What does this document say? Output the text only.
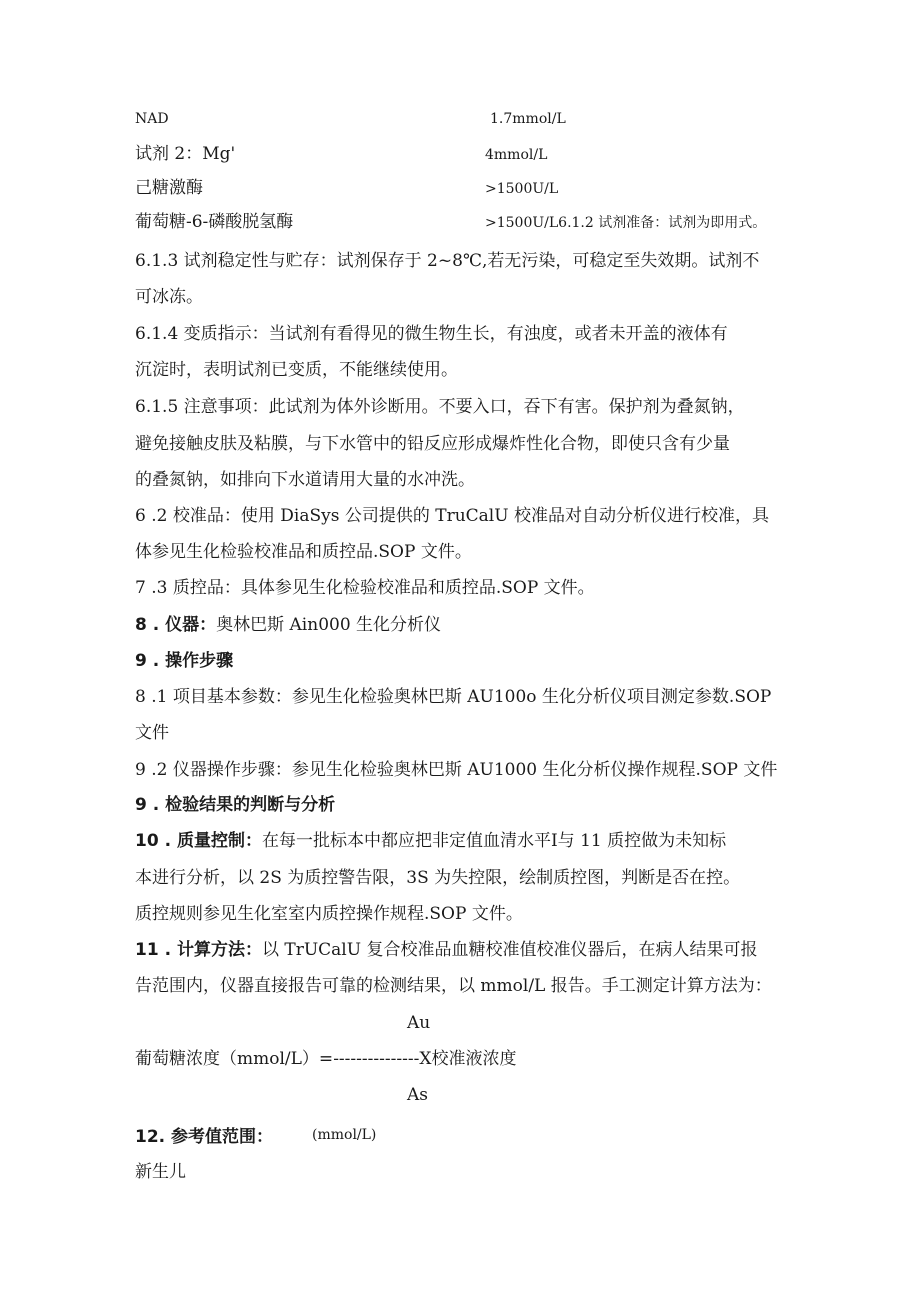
NAD	1.7mmol/L
试剂 2：Mg'	4mmol/L
己糖激酶	>1500U/L
葡萄糖-6-磷酸脱氢酶	>1500U/L6.1.2 试剂准备：试剂为即用式。
6.1.3 试剂稳定性与贮存：试剂保存于 2~8℃,若无污染，可稳定至失效期。试剂不
可冰冻。
6.1.4 变质指示：当试剂有看得见的微生物生长，有浊度，或者未开盖的液体有
沉淀时，表明试剂已变质，不能继续使用。
6.1.5 注意事项：此试剂为体外诊断用。不要入口，吞下有害。保护剂为叠氮钠，
避免接触皮肤及粘膜，与下水管中的铅反应形成爆炸性化合物，即使只含有少量
的叠氮钠，如排向下水道请用大量的水冲洗。
6 .2 校准品：使用 DiaSys 公司提供的 TruCalU 校准品对自动分析仪进行校准，具
体参见生化检验校准品和质控品.SOP 文件。
7 .3 质控品：具体参见生化检验校准品和质控品.SOP 文件。
8 . 仪器：奥林巴斯 Ain000 生化分析仪
9 . 操作步骤
8 .1 项目基本参数：参见生化检验奥林巴斯 AU100o 生化分析仪项目测定参数.SOP
文件
9 .2 仪器操作步骤：参见生化检验奥林巴斯 AU1000 生化分析仪操作规程.SOP 文件
9 . 检验结果的判断与分析
10 . 质量控制：在每一批标本中都应把非定值血清水平Ⅰ与 11 质控做为未知标
本进行分析，以 2S 为质控警告限，3S 为失控限，绘制质控图，判断是否在控。
质控规则参见生化室室内质控操作规程.SOP 文件。
11 . 计算方法：以 TrUCalU 复合校准品血糖校准值校准仪器后，在病人结果可报
告范围内，仪器直接报告可靠的检测结果，以 mmol/L 报告。手工测定计算方法为：
Au
葡萄糖浓度（mmol/L）=---------------X校准液浓度
As
12. 参考值范围：	(mmol/L)
新生儿
